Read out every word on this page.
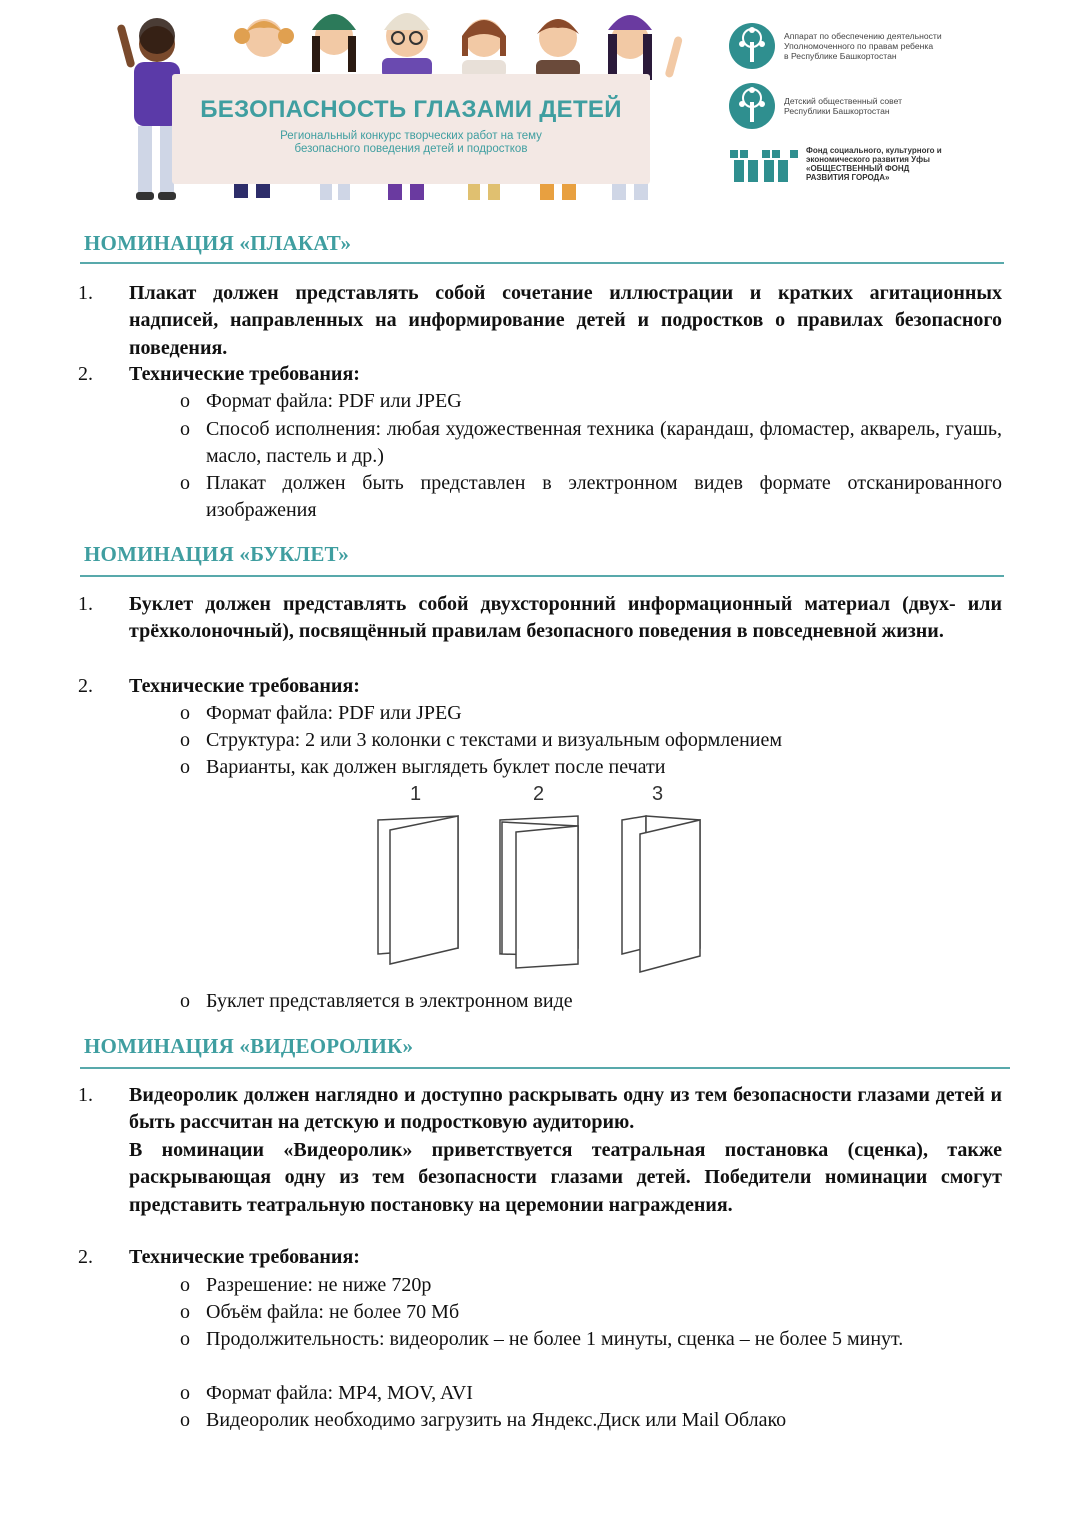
БЕЗОПАСНОСТЬ ГЛАЗАМИ ДЕТЕЙ
Региональный конкурс творческих работ на тему
безопасного поведения детей и подростков
Аппарат по обеспечению деятельности
Уполномоченного по правам ребенка
в Республике Башкортостан
Детский общественный совет
Республики Башкортостан
Фонд социального, культурного и
экономического развития Уфы
«ОБЩЕСТВЕННЫЙ ФОНД
РАЗВИТИЯ ГОРОДА»
НОМИНАЦИЯ «ПЛАКАТ»
1. Плакат должен представлять собой сочетание иллюстрации и кратких агитационных надписей, направленных на информирование детей и подростков о правилах безопасного поведения.
2. Технические требования:
o Формат файла: PDF или JPEG
o Способ исполнения: любая художественная техника (карандаш, фломастер, акварель, гуашь, масло, пастель и др.)
o Плакат должен быть представлен в электронном видев формате отсканированного изображения
НОМИНАЦИЯ «БУКЛЕТ»
1. Буклет должен представлять собой двухсторонний информационный материал (двух- или трёхколоночный), посвящённый правилам безопасного поведения в повседневной жизни.
2. Технические требования:
o Формат файла: PDF или JPEG
o Структура: 2 или 3 колонки с текстами и визуальным оформлением
o Варианты, как должен выглядеть буклет после печати
1	2	3
o Буклет представляется в электронном виде
НОМИНАЦИЯ «ВИДЕОРОЛИК»
1. Видеоролик должен наглядно и доступно раскрывать одну из тем безопасности глазами детей и быть рассчитан на детскую и подростковую аудиторию.
В номинации «Видеоролик» приветствуется театральная постановка (сценка), также раскрывающая одну из тем безопасности глазами детей. Победители номинации смогут представить театральную постановку на церемонии награждения.
2. Технические требования:
o Разрешение: не ниже 720р
o Объём файла: не более 70 Мб
o Продолжительность: видеоролик – не более 1 минуты, сценка – не более 5 минут.
o Формат файла: MP4, MOV, AVI
o Видеоролик необходимо загрузить на Яндекс.Диск или Mail Облако
